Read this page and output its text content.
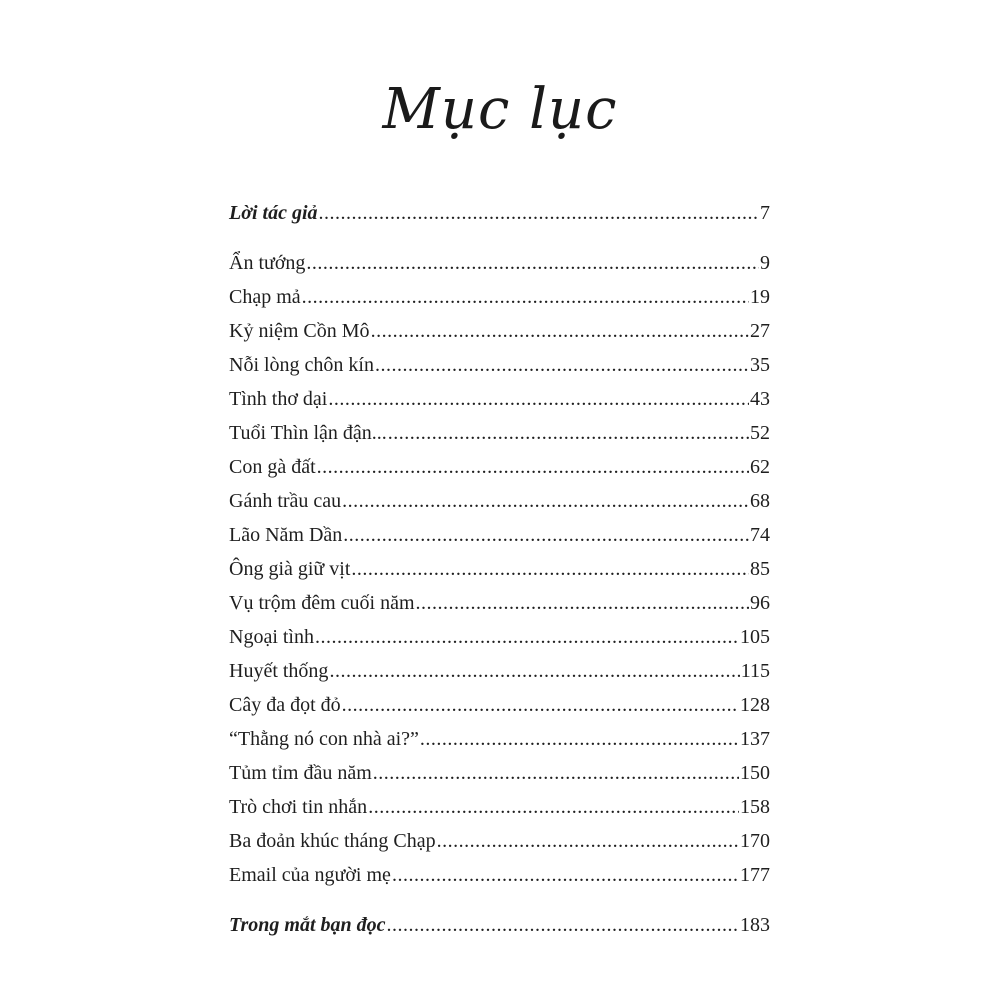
Mục lục
Lời tác giả .....	7
Ẩn tướng .....	9
Chạp mả .....	19
Kỷ niệm Cồn Mô .....	27
Nỗi lòng chôn kín .....	35
Tình thơ dại .....	43
Tuổi Thìn lận đận... .....	52
Con gà đất .....	62
Gánh trầu cau .....	68
Lão Năm Dần .....	74
Ông già giữ vịt .....	85
Vụ trộm đêm cuối năm .....	96
Ngoại tình .....	105
Huyết thống .....	115
Cây đa đọt đỏ .....	128
“Thằng nó con nhà ai?” .....	137
Tủm tỉm đầu năm .....	150
Trò chơi tin nhắn .....	158
Ba đoản khúc tháng Chạp .....	170
Email của người mẹ .....	177
Trong mắt bạn đọc .....	183
